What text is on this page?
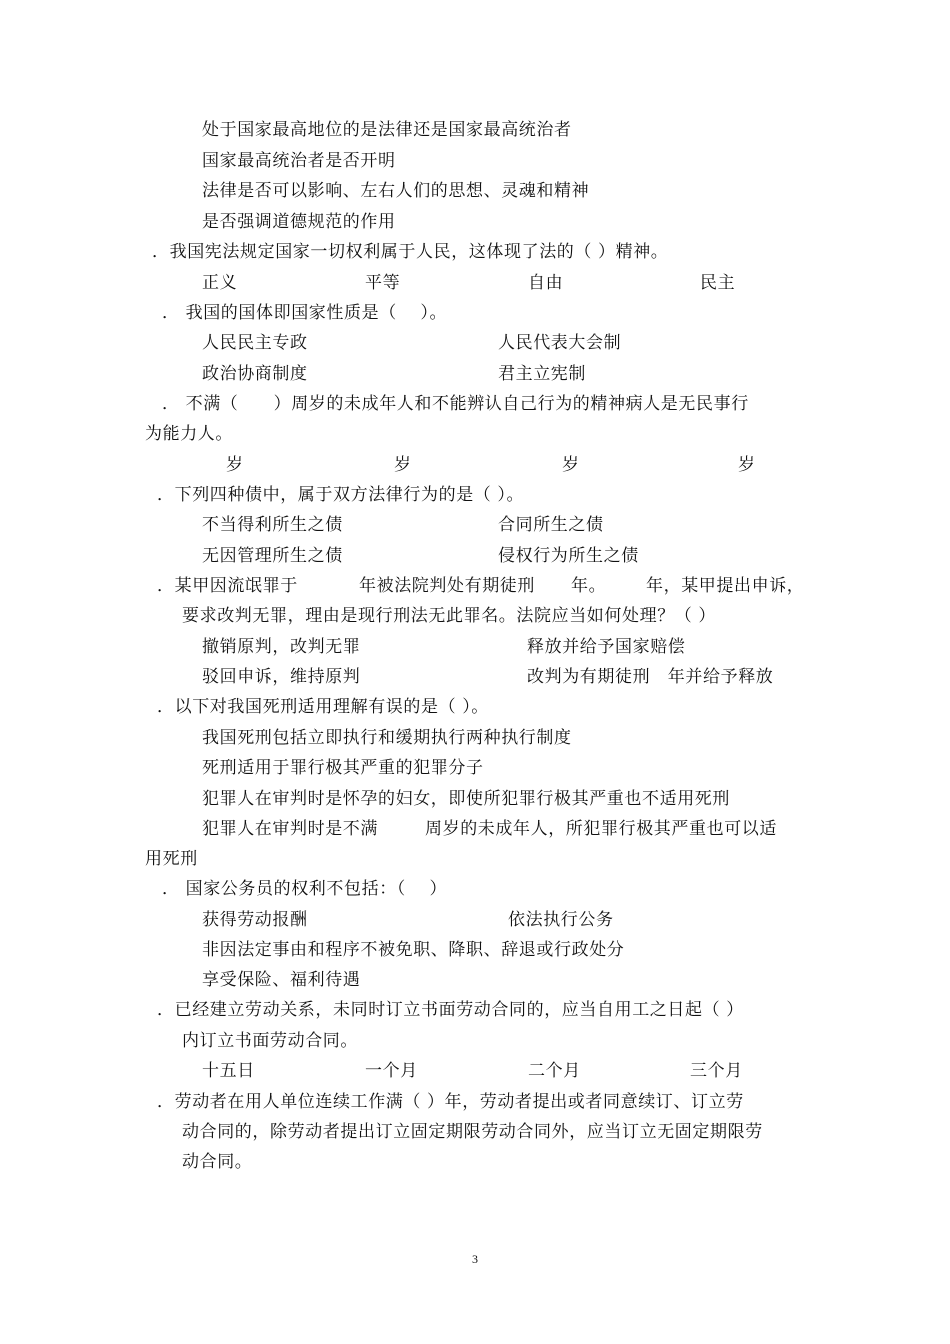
处于国家最高地位的是法律还是国家最高统治者
国家最高统治者是否开明
法律是否可以影响、左右人们的思想、灵魂和精神
是否强调道德规范的作用
．我国宪法规定国家一切权利属于人民，这体现了法的（ ）精神。
正义	平等	自由	民主
． 我国的国体即国家性质是（　 ）。
人民民主专政	人民代表大会制
政治协商制度	君主立宪制
． 不满（　　）周岁的未成年人和不能辨认自己行为的精神病人是无民事行
为能力人。
岁	岁	岁	岁
．下列四种债中，属于双方法律行为的是（ ）。
不当得利所生之债	合同所生之债
无因管理所生之债	侵权行为所生之债
．某甲因流氓罪于	年被法院判处有期徒刑 年。 年，某甲提出申诉，
要求改判无罪，理由是现行刑法无此罪名。法院应当如何处理？（ ）
撤销原判，改判无罪	释放并给予国家赔偿
驳回申诉，维持原判	改判为有期徒刑　年并给予释放
．以下对我国死刑适用理解有误的是（ ）。
我国死刑包括立即执行和缓期执行两种执行制度
死刑适用于罪行极其严重的犯罪分子
犯罪人在审判时是怀孕的妇女，即使所犯罪行极其严重也不适用死刑
犯罪人在审判时是不满	周岁的未成年人，所犯罪行极其严重也可以适
用死刑
． 国家公务员的权利不包括：（　 ）
获得劳动报酬	依法执行公务
非因法定事由和程序不被免职、降职、辞退或行政处分
享受保险、福利待遇
．已经建立劳动关系，未同时订立书面劳动合同的，应当自用工之日起（ ）
内订立书面劳动合同。
十五日	一个月	二个月	三个月
．劳动者在用人单位连续工作满（ ）年，劳动者提出或者同意续订、订立劳
动合同的，除劳动者提出订立固定期限劳动合同外，应当订立无固定期限劳
动合同。
3
